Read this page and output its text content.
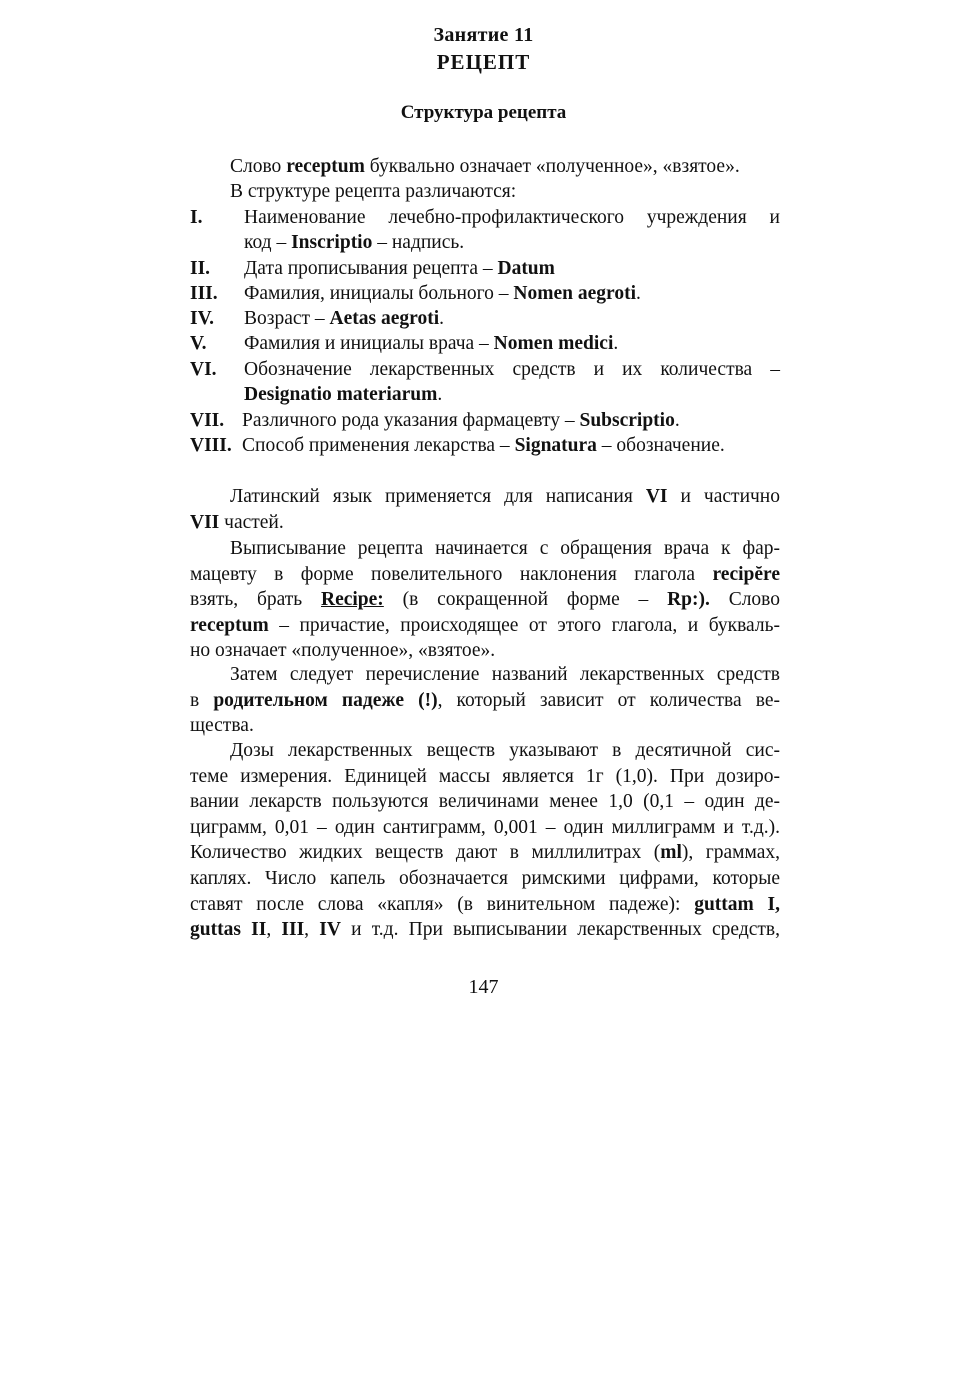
Занятие 11
РЕЦЕПТ
Структура рецепта
Слово receptum буквально означает «полученное», «взятое».
В структуре рецепта различаются:
I. Наименование лечебно-профилактического учреждения и
код – Inscriptio – надпись.
II. Дата прописывания рецепта – Datum
III. Фамилия, инициалы больного – Nomen aegroti.
IV. Возраст – Aetas aegroti.
V. Фамилия и инициалы врача – Nomen medici.
VI. Обозначение лекарственных средств и их количества –
Designatio materiarum.
VII. Различного рода указания фармацевту – Subscriptio.
VIII. Способ применения лекарства – Signatura – обозначение.
Латинский язык применяется для написания VI и частично
VII частей.
Выписывание рецепта начинается с обращения врача к фар-
мацевту в форме повелительного наклонения глагола recipĕre
взять, брать Recipe: (в сокращенной форме – Rp:). Слово
receptum – причастие, происходящее от этого глагола, и букваль-
но означает «полученное», «взятое».
Затем следует перечисление названий лекарственных средств
в родительном падеже (!), который зависит от количества ве-
щества.
Дозы лекарственных веществ указывают в десятичной сис-
теме измерения. Единицей массы является 1г (1,0). При дозиро-
вании лекарств пользуются величинами менее 1,0 (0,1 – один де-
циграмм, 0,01 – один сантиграмм, 0,001 – один миллиграмм и т.д.).
Количество жидких веществ дают в миллилитрах (ml), граммах,
каплях. Число капель обозначается римскими цифрами, которые
ставят после слова «капля» (в винительном падеже): guttam I,
guttas II, III, IV и т.д. При выписывании лекарственных средств,
147
